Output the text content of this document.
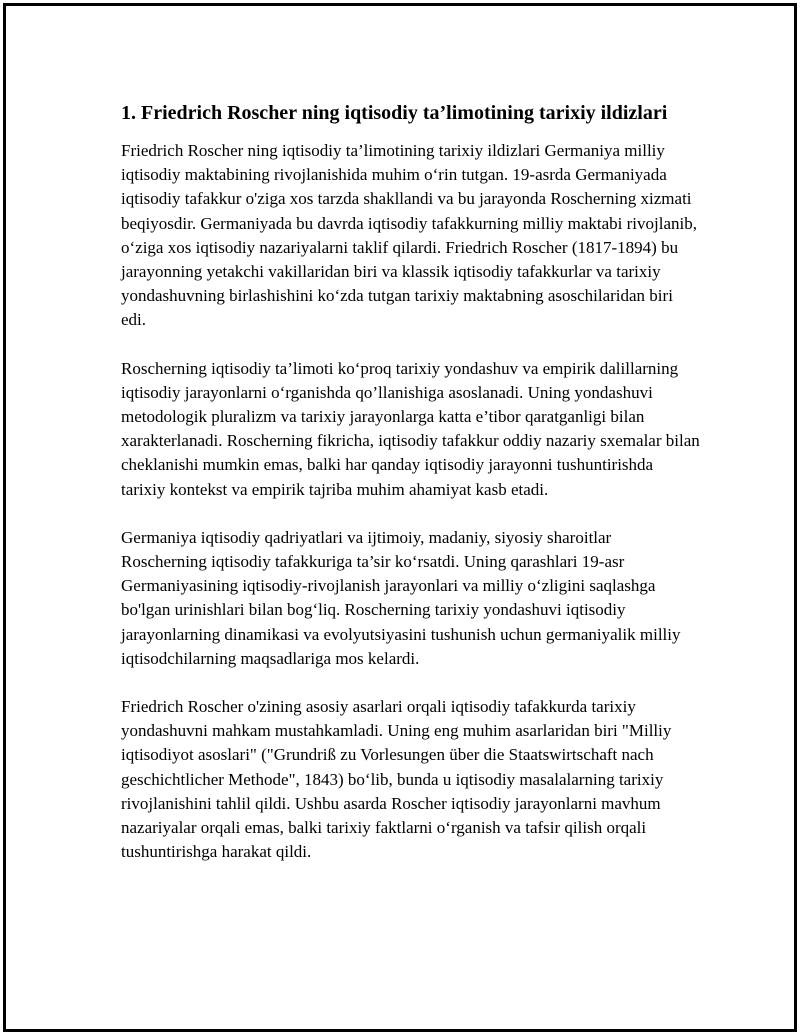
1. Friedrich Roscher ning iqtisodiy ta’limotining tarixiy ildizlari

Friedrich Roscher ning iqtisodiy ta’limotining tarixiy ildizlari Germaniya milliy iqtisodiy maktabining rivojlanishida muhim o‘rin tutgan. 19-asrda Germaniyada iqtisodiy tafakkur o'ziga xos tarzda shakllandi va bu jarayonda Roscherning xizmati beqiyosdir. Germaniyada bu davrda iqtisodiy tafakkurning milliy maktabi rivojlanib, o‘ziga xos iqtisodiy nazariyalarni taklif qilardi. Friedrich Roscher (1817-1894) bu jarayonning yetakchi vakillaridan biri va klassik iqtisodiy tafakkurlar va tarixiy yondashuvning birlashishini ko‘zda tutgan tarixiy maktabning asoschilaridan biri edi.

Roscherning iqtisodiy ta’limoti ko‘proq tarixiy yondashuv va empirik dalillarning iqtisodiy jarayonlarni o‘rganishda qo’llanishiga asoslanadi. Uning yondashuvi metodologik pluralizm va tarixiy jarayonlarga katta e’tibor qaratganligi bilan xarakterlanadi. Roscherning fikricha, iqtisodiy tafakkur oddiy nazariy sxemalar bilan cheklanishi mumkin emas, balki har qanday iqtisodiy jarayonni tushuntirishda tarixiy kontekst va empirik tajriba muhim ahamiyat kasb etadi.

Germaniya iqtisodiy qadriyatlari va ijtimoiy, madaniy, siyosiy sharoitlar Roscherning iqtisodiy tafakkuriga ta’sir ko‘rsatdi. Uning qarashlari 19-asr Germaniyasining iqtisodiy-rivojlanish jarayonlari va milliy o‘zligini saqlashga bo'lgan urinishlari bilan bog‘liq. Roscherning tarixiy yondashuvi iqtisodiy jarayonlarning dinamikasi va evolyutsiyasini tushunish uchun germaniyalik milliy iqtisodchilarning maqsadlariga mos kelardi.

Friedrich Roscher o'zining asosiy asarlari orqali iqtisodiy tafakkurda tarixiy yondashuvni mahkam mustahkamladi. Uning eng muhim asarlaridan biri "Milliy iqtisodiyot asoslari" ("Grundriß zu Vorlesungen über die Staatswirtschaft nach geschichtlicher Methode", 1843) bo‘lib, bunda u iqtisodiy masalalarning tarixiy rivojlanishini tahlil qildi. Ushbu asarda Roscher iqtisodiy jarayonlarni mavhum nazariyalar orqali emas, balki tarixiy faktlarni o‘rganish va tafsir qilish orqali tushuntirishga harakat qildi.
